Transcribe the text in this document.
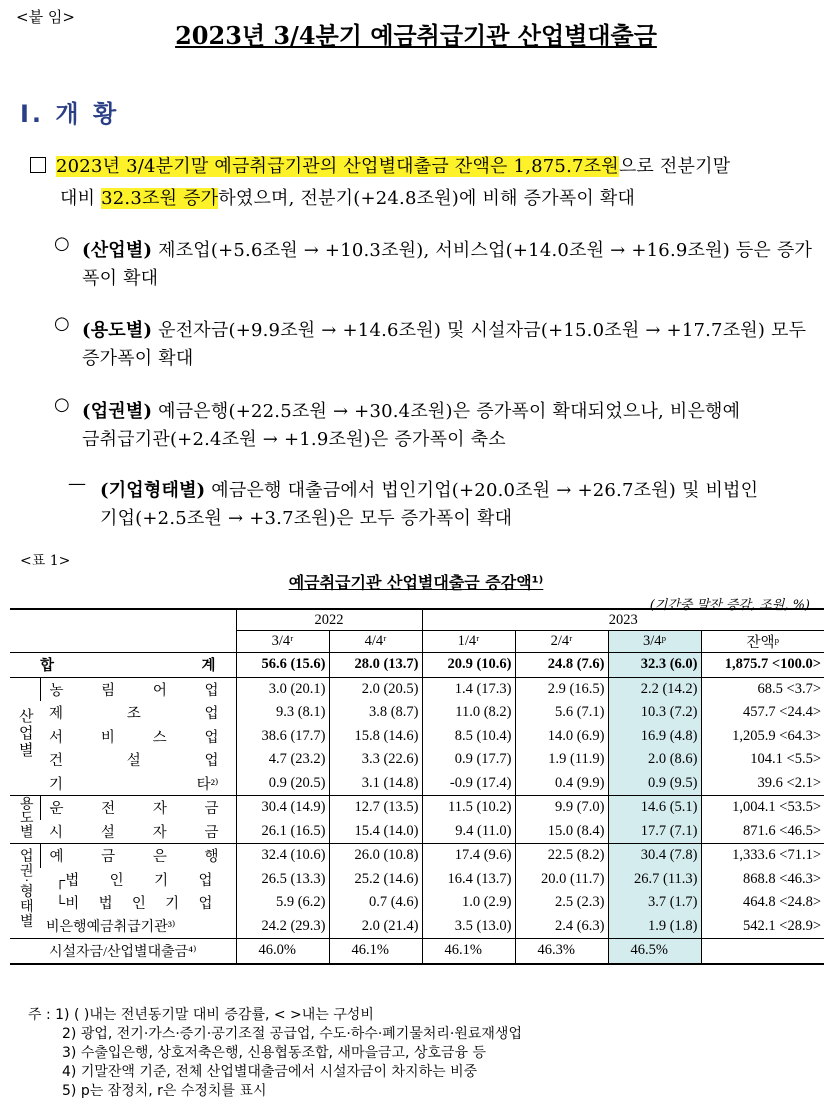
<붙 임>
2023년 3/4분기 예금취급기관 산업별대출금
Ⅰ. 개 황
2023년 3/4분기말 예금취급기관의 산업별대출금 잔액은 1,875.7조원으로 전분기말
대비 32.3조원 증가하였으며, 전분기(+24.8조원)에 비해 증가폭이 확대
○ (산업별) 제조업(+5.6조원 → +10.3조원), 서비스업(+14.0조원 → +16.9조원) 등은 증가
폭이 확대
○ (용도별) 운전자금(+9.9조원 → +14.6조원) 및 시설자금(+15.0조원 → +17.7조원) 모두
증가폭이 확대
○ (업권별) 예금은행(+22.5조원 → +30.4조원)은 증가폭이 확대되었으나, 비은행예
금취급기관(+2.4조원 → +1.9조원)은 증가폭이 축소
— (기업형태별) 예금은행 대출금에서 법인기업(+20.0조원 → +26.7조원) 및 비법인
기업(+2.5조원 → +3.7조원)은 모두 증가폭이 확대
<표 1>
예금취급기관 산업별대출금 증감액¹⁾
(기간중 말잔 증감, 조원, %)
		2022		2023			
		3/4ʳ	4/4ʳ	1/4ʳ	2/4ʳ	3/4ᵖ	잔액ᵖ

합 계		56.6 (15.6)	28.0 (13.7)	20.9 (10.6)	24.8 (7.6)	32.3 (6.0)	1,875.7 <100.0>
산업별	농 림 어 업	3.0 (20.1)	2.0 (20.5)	1.4 (17.3)	2.9 (16.5)	2.2 (14.2)	68.5 <3.7>

	제 조 업	9.3 (8.1)	3.8 (8.7)	11.0 (8.2)	5.6 (7.1)	10.3 (7.2)	457.7 <24.4>

	서 비 스 업	38.6 (17.7)	15.8 (14.6)	8.5 (10.4)	14.0 (6.9)	16.9 (4.8)	1,205.9 <64.3>

	건 설 업	4.7 (23.2)	3.3 (22.6)	0.9 (17.7)	1.9 (11.9)	2.0 (8.6)	104.1 <5.5>

	기 타²⁾	0.9 (20.5)	3.1 (14.8)	-0.9 (17.4)	0.4 (9.9)	0.9 (9.5)	39.6 <2.1>
용도별	운 전 자 금	30.4 (14.9)	12.7 (13.5)	11.5 (10.2)	9.9 (7.0)	14.6 (5.1)	1,004.1 <53.5>

	시 설 자 금	26.1 (16.5)	15.4 (14.0)	9.4 (11.0)	15.0 (8.4)	17.7 (7.1)	871.6 <46.5>
업권·형태별	예 금 은 행	32.4 (10.6)	26.0 (10.8)	17.4 (9.6)	22.5 (8.2)	30.4 (7.8)	1,333.6 <71.1>

	┌법 인 기 업	26.5 (13.3)	25.2 (14.6)	16.4 (13.7)	20.0 (11.7)	26.7 (11.3)	868.8 <46.3>

	└비 법 인 기 업	5.9 (6.2)	0.7 (4.6)	1.0 (2.9)	2.5 (2.3)	3.7 (1.7)	464.8 <24.8>
	비은행예금취급기관³⁾	24.2 (29.3)	2.0 (21.4)	3.5 (13.0)	2.4 (6.3)	1.9 (1.8)	542.1 <28.9>
시설자금/산업별대출금⁴⁾		46.0%	46.1%	46.1%	46.3%	46.5%	
주 : 1) ( )내는 전년동기말 대비 증감률, < >내는 구성비
2) 광업, 전기·가스·증기·공기조절 공급업, 수도·하수·폐기물처리·원료재생업
3) 수출입은행, 상호저축은행, 신용협동조합, 새마을금고, 상호금융 등
4) 기말잔액 기준, 전체 산업별대출금에서 시설자금이 차지하는 비중
5) p는 잠정치, r은 수정치를 표시
